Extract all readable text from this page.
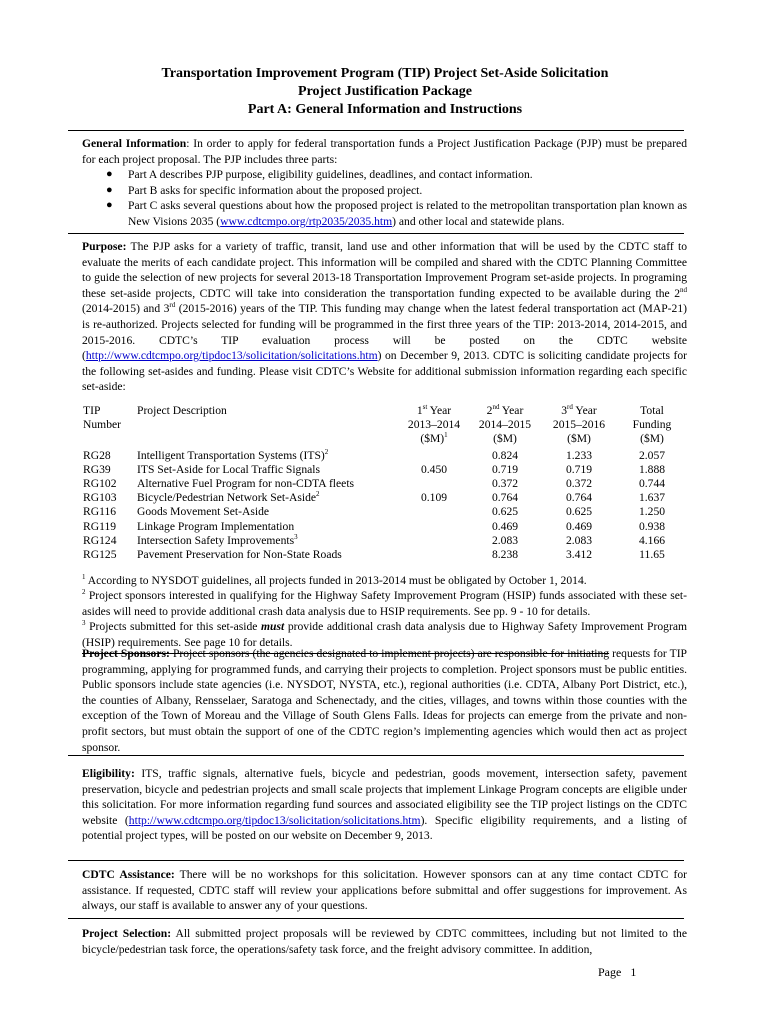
Transportation Improvement Program (TIP) Project Set-Aside Solicitation
Project Justification Package
Part A: General Information and Instructions

General Information: In order to apply for federal transportation funds a Project Justification Package (PJP) must be prepared for each project proposal. The PJP includes three parts:

● Part A describes PJP purpose, eligibility guidelines, deadlines, and contact information.

● Part B asks for specific information about the proposed project.

● Part C asks several questions about how the proposed project is related to the metropolitan transportation plan known as New Visions 2035 (www.cdtcmpo.org/rtp2035/2035.htm) and other local and statewide plans.

Purpose: The PJP asks for a variety of traffic, transit, land use and other information that will be used by the CDTC staff to evaluate the merits of each candidate project. This information will be compiled and shared with the CDTC Planning Committee to guide the selection of new projects for several 2013-18 Transportation Improvement Program set-aside projects. In programing these set-aside projects, CDTC will take into consideration the transportation funding expected to be available during the 2nd (2014-2015) and 3rd (2015-2016) years of the TIP. This funding may change when the latest federal transportation act (MAP-21) is re-authorized. Projects selected for funding will be programmed in the first three years of the TIP: 2013-2014, 2014-2015, and 2015-2016. CDTC’s TIP evaluation process will be posted on the CDTC website (http://www.cdtcmpo.org/tipdoc13/solicitation/solicitations.htm) on December 9, 2013. CDTC is soliciting candidate projects for the following set-asides and funding. Please visit CDTC’s Website for additional submission information regarding each specific set-aside:

TIP Number	Project Description	1st Year
2013–2014
($M)$^1$	2nd Year
2014–2015
($M)	3rd Year
2015–2016
($M)	Total
Funding
($M)
RG28	Intelligent Transportation Systems (ITS)$^2$		0.824	1.233	2.057
RG39	ITS Set-Aside for Local Traffic Signals	0.450	0.719	0.719	1.888
RG102	Alternative Fuel Program for non-CDTA fleets		0.372	0.372	0.744
RG103	Bicycle/Pedestrian Network Set-Aside$^2$	0.109	0.764	0.764	1.637
RG116	Goods Movement Set-Aside		0.625	0.625	1.250
RG119	Linkage Program Implementation		0.469	0.469	0.938
RG124	Intersection Safety Improvements$^3$		2.083	2.083	4.166
RG125	Pavement Preservation for Non-State Roads		8.238	3.412	11.65

$^1$ According to NYSDOT guidelines, all projects funded in 2013-2014 must be obligated by October 1, 2014.

$^2$ Project sponsors interested in qualifying for the Highway Safety Improvement Program (HSIP) funds associated with these set-asides will need to provide additional crash data analysis due to HSIP requirements. See pp. 9 - 10 for details.

$^3$ Projects submitted for this set-aside must provide additional crash data analysis due to Highway Safety Improvement Program (HSIP) requirements. See page 10 for details.

Project Sponsors: Project sponsors (the agencies designated to implement projects) are responsible for initiating requests for TIP programming, applying for programmed funds, and carrying their projects to completion. Project sponsors must be public entities. Public sponsors include state agencies (i.e. NYSDOT, NYSTA, etc.), regional authorities (i.e. CDTA, Albany Port District, etc.), the counties of Albany, Rensselaer, Saratoga and Schenectady, and the cities, villages, and towns within those counties with the exception of the Town of Moreau and the Village of South Glens Falls. Ideas for projects can emerge from the private and non-profit sectors, but must obtain the support of one of the CDTC region’s implementing agencies which would then act as project sponsor.

Eligibility: ITS, traffic signals, alternative fuels, bicycle and pedestrian, goods movement, intersection safety, pavement preservation, bicycle and pedestrian projects and small scale projects that implement Linkage Program concepts are eligible under this solicitation. For more information regarding fund sources and associated eligibility see the TIP project listings on the CDTC website (http://www.cdtcmpo.org/tipdoc13/solicitation/solicitations.htm). Specific eligibility requirements, and a listing of potential project types, will be posted on our website on December 9, 2013.

CDTC Assistance: There will be no workshops for this solicitation. However sponsors can at any time contact CDTC for assistance. If requested, CDTC staff will review your applications before submittal and offer suggestions for improvement. As always, our staff is available to answer any of your questions.

Project Selection: All submitted project proposals will be reviewed by CDTC committees, including but not limited to the bicycle/pedestrian task force, the operations/safety task force, and the freight advisory committee. In addition,

Page 1
